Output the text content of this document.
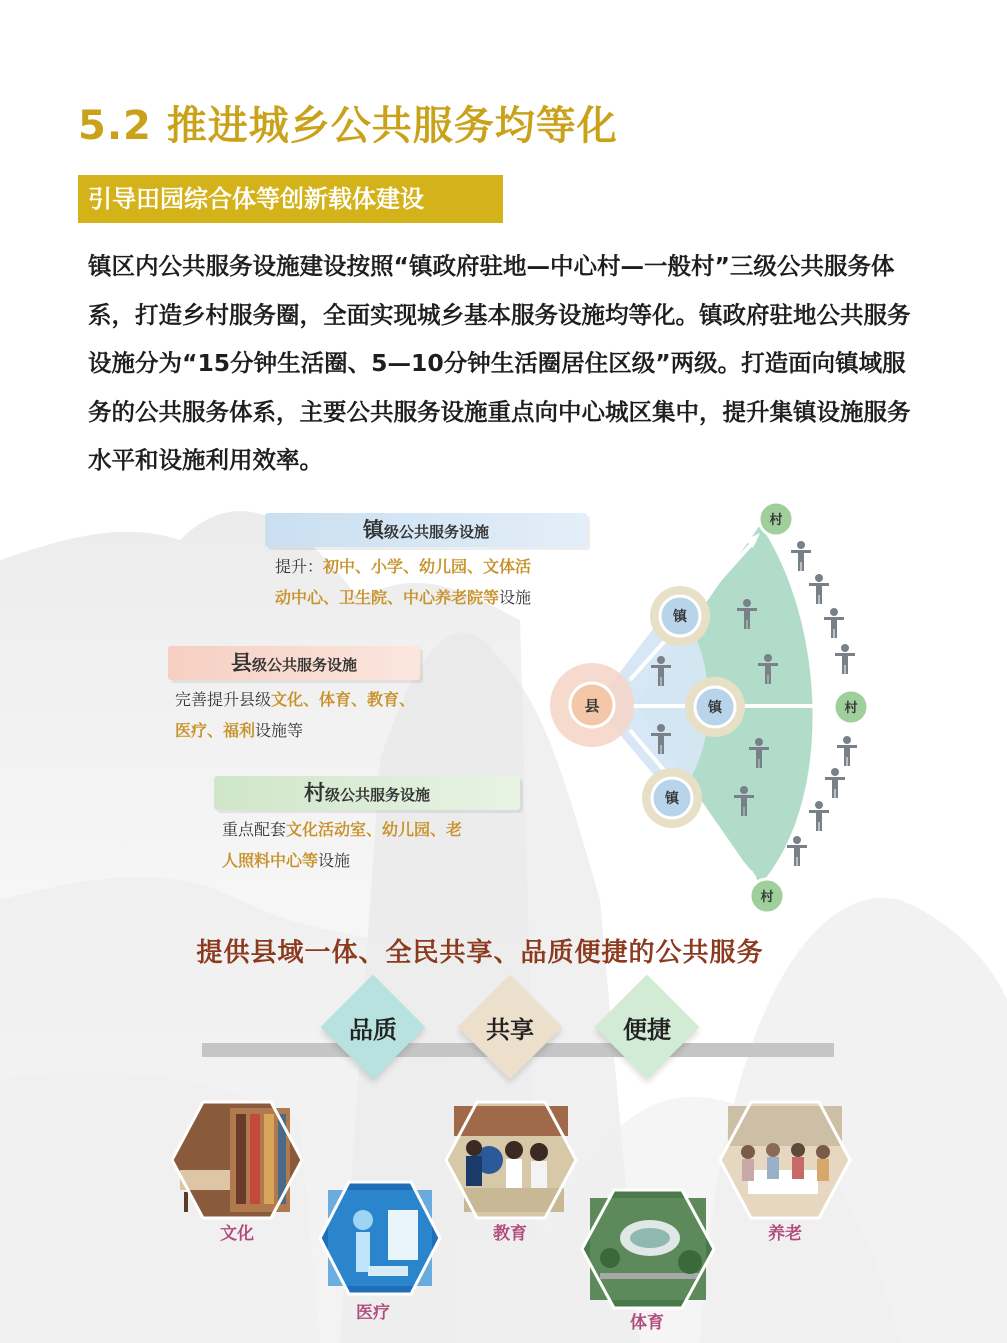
5.2 推进城乡公共服务均等化
引导田园综合体等创新载体建设

镇区内公共服务设施建设按照“镇政府驻地—中心村—一般村”三级公共服务体系，打造乡村服务圈，全面实现城乡基本服务设施均等化。镇政府驻地公共服务设施分为“15分钟生活圈、5—10分钟生活圈居住区级”两级。打造面向镇域服务的公共服务体系，主要公共服务设施重点向中心城区集中，提升集镇设施服务水平和设施利用效率。

镇级公共服务设施
提升：初中、小学、幼儿园、文体活
动中心、卫生院、中心养老院等设施
县级公共服务设施
完善提升县级文化、体育、教育、
医疗、福利设施等
村级公共服务设施
重点配套文化活动室、幼儿园、老
人照料中心等设施
县
镇
镇
镇
村
村
村
提供县域一体、全民共享、品质便捷的公共服务
品质	共享	便捷
文化
医疗
教育
体育
养老
